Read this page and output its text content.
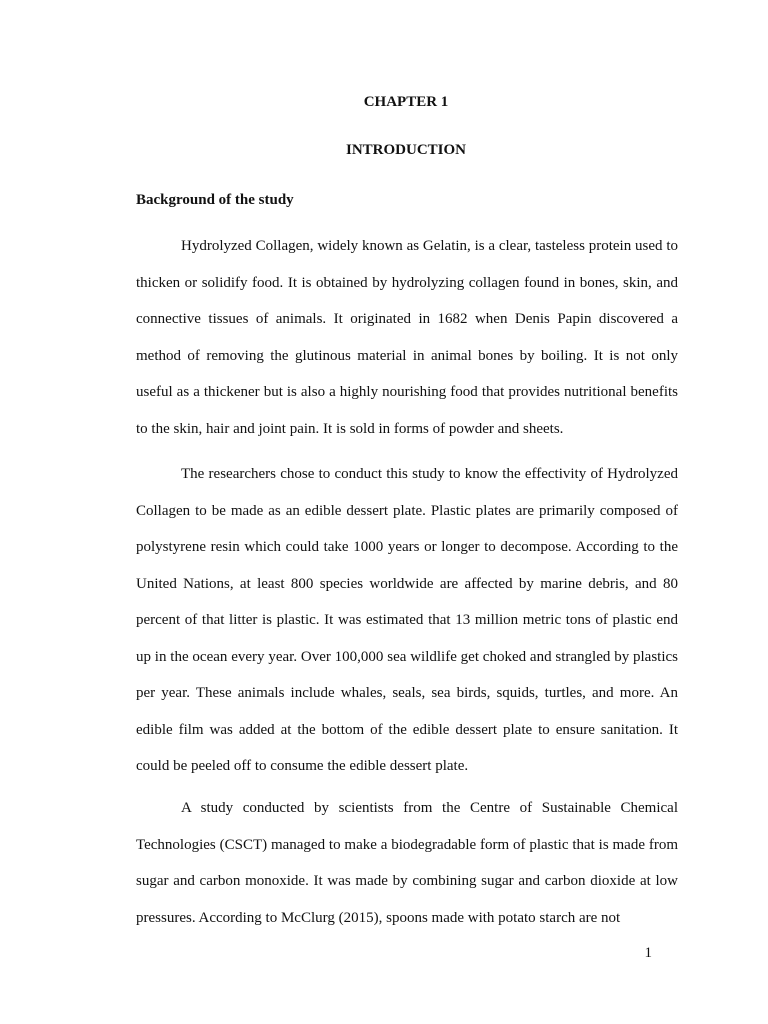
CHAPTER 1
INTRODUCTION
Background of the study

Hydrolyzed Collagen, widely known as Gelatin, is a clear, tasteless protein used to thicken or solidify food. It is obtained by hydrolyzing collagen found in bones, skin, and connective tissues of animals. It originated in 1682 when Denis Papin discovered a method of removing the glutinous material in animal bones by boiling. It is not only useful as a thickener but is also a highly nourishing food that provides nutritional benefits to the skin, hair and joint pain. It is sold in forms of powder and sheets.

The researchers chose to conduct this study to know the effectivity of Hydrolyzed Collagen to be made as an edible dessert plate. Plastic plates are primarily composed of polystyrene resin which could take 1000 years or longer to decompose. According to the United Nations, at least 800 species worldwide are affected by marine debris, and 80 percent of that litter is plastic. It was estimated that 13 million metric tons of plastic end up in the ocean every year. Over 100,000 sea wildlife get choked and strangled by plastics per year. These animals include whales, seals, sea birds, squids, turtles, and more. An edible film was added at the bottom of the edible dessert plate to ensure sanitation. It could be peeled off to consume the edible dessert plate.

A study conducted by scientists from the Centre of Sustainable Chemical Technologies (CSCT) managed to make a biodegradable form of plastic that is made from sugar and carbon monoxide. It was made by combining sugar and carbon dioxide at low pressures. According to McClurg (2015), spoons made with potato starch are not

1
